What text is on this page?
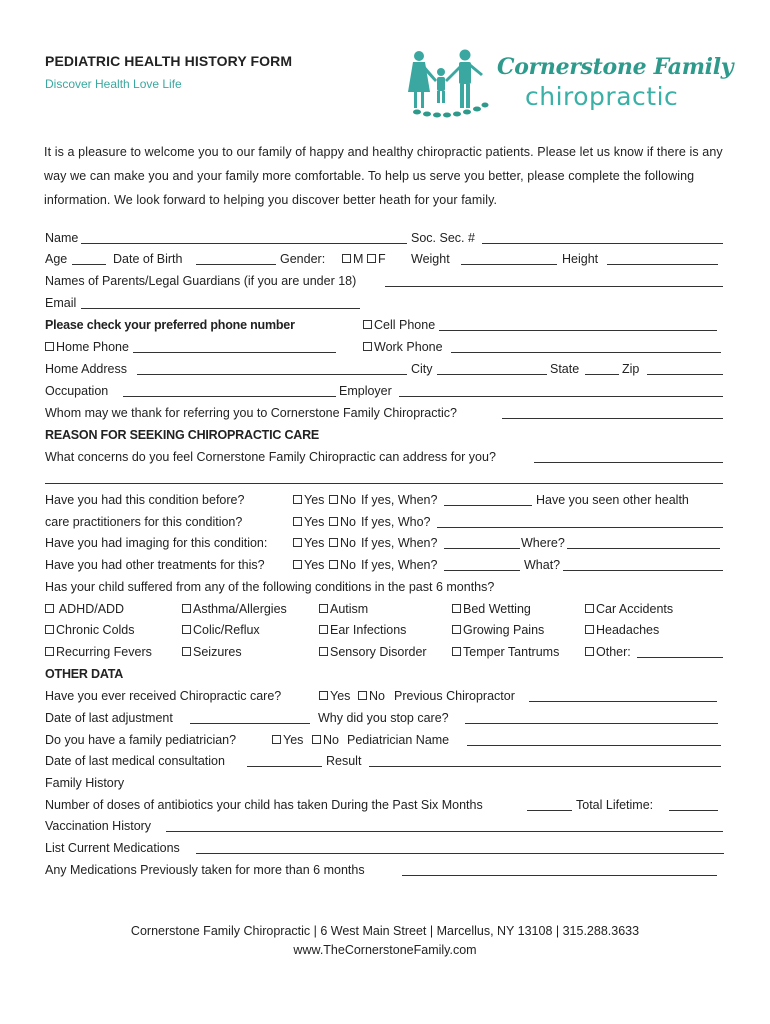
PEDIATRIC HEALTH HISTORY FORM
Discover Health Love Life
Cornerstone Family
chiropractic
It is a pleasure to welcome you to our family of happy and healthy chiropractic patients. Please let us know if there is any way we can make you and your family more comfortable. To help us serve you better, please complete the following information. We look forward to helping you discover better heath for your family.
Name	Soc. Sec. #
Age	Date of Birth	Gender:	M	F Weight	Height
Names of Parents/Legal Guardians (if you are under 18)
Email
Please check your preferred phone number	Cell Phone
Home Phone	Work Phone
Home Address	City	State	Zip
Occupation	Employer
Whom may we thank for referring you to Cornerstone Family Chiropractic?
REASON FOR SEEKING CHIROPRACTIC CARE
What concerns do you feel Cornerstone Family Chiropractic can address for you?
Have you had this condition before?	Yes	No If yes, When?	Have you seen other health
care practitioners for this condition?	Yes	No If yes, Who?
Have you had imaging for this condition:	Yes	No If yes, When?	Where?
Have you had other treatments for this?	Yes	No If yes, When?	What?
Has your child suffered from any of the following conditions in the past 6 months?
ADHD/ADD	Asthma/Allergies	Autism	Bed Wetting	Car Accidents
Chronic Colds	Colic/Reflux	Ear Infections	Growing Pains	Headaches
Recurring Fevers	Seizures	Sensory Disorder	Temper Tantrums	Other:
OTHER DATA
Have you ever received Chiropractic care?	Yes	No Previous Chiropractor
Date of last adjustment	Why did you stop care?
Do you have a family pediatrician?	Yes	No Pediatrician Name
Date of last medical consultation	Result
Family History
Number of doses of antibiotics your child has taken During the Past Six Months	Total Lifetime:
Vaccination History
List Current Medications
Any Medications Previously taken for more than 6 months
Cornerstone Family Chiropractic | 6 West Main Street | Marcellus, NY 13108 | 315.288.3633
www.TheCornerstoneFamily.com
